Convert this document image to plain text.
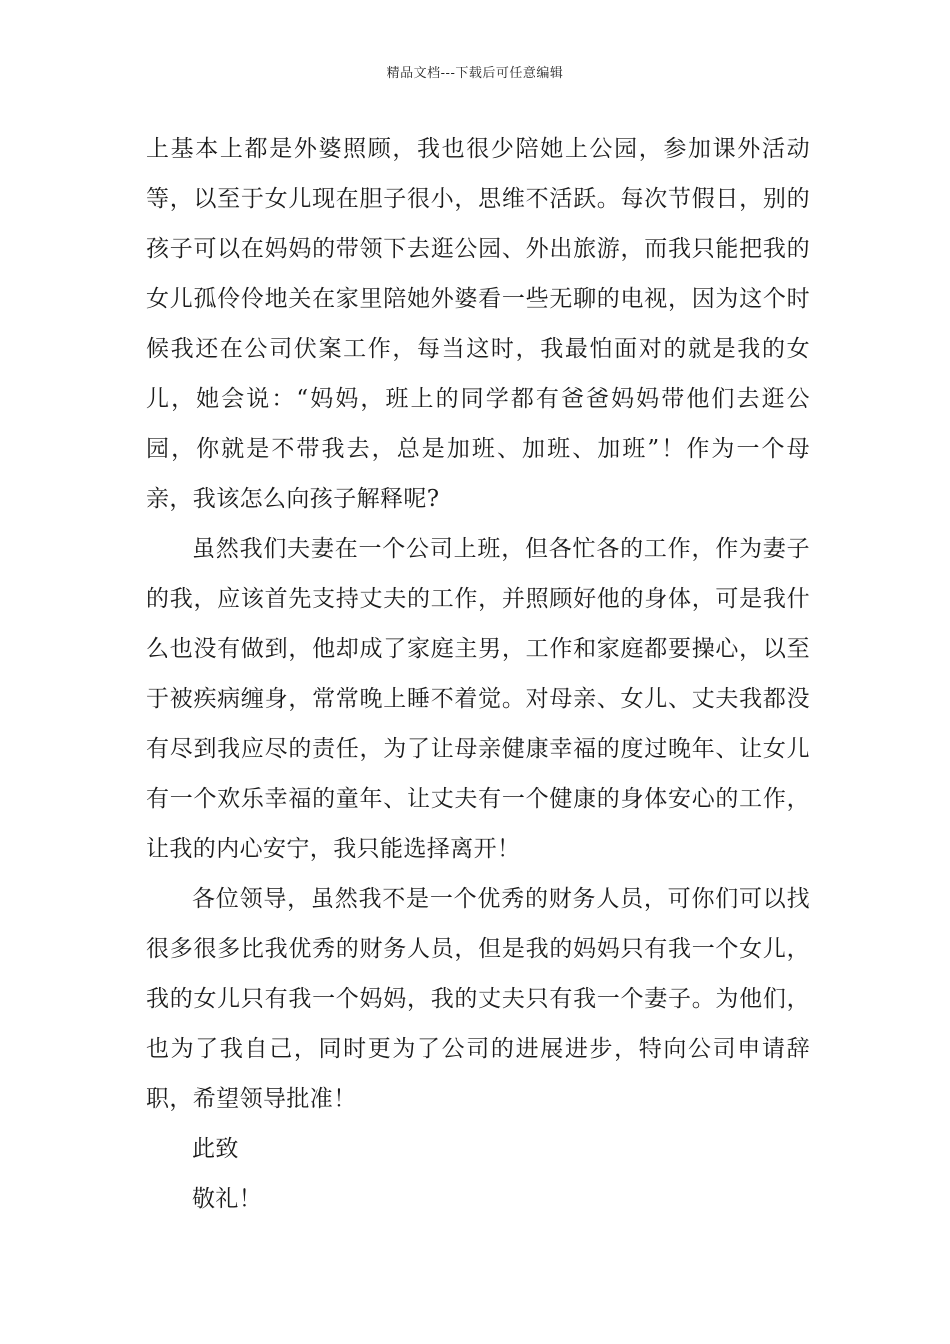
精品文档---下载后可任意编辑

上基本上都是外婆照顾，我也很少陪她上公园，参加课外活动等，以至于女儿现在胆子很小，思维不活跃。每次节假日，别的孩子可以在妈妈的带领下去逛公园、外出旅游，而我只能把我的女儿孤伶伶地关在家里陪她外婆看一些无聊的电视，因为这个时候我还在公司伏案工作，每当这时，我最怕面对的就是我的女儿，她会说：“妈妈，班上的同学都有爸爸妈妈带他们去逛公园，你就是不带我去，总是加班、加班、加班”！作为一个母亲，我该怎么向孩子解释呢?

虽然我们夫妻在一个公司上班，但各忙各的工作，作为妻子的我，应该首先支持丈夫的工作，并照顾好他的身体，可是我什么也没有做到，他却成了家庭主男，工作和家庭都要操心，以至于被疾病缠身，常常晚上睡不着觉。对母亲、女儿、丈夫我都没有尽到我应尽的责任，为了让母亲健康幸福的度过晚年、让女儿有一个欢乐幸福的童年、让丈夫有一个健康的身体安心的工作，让我的内心安宁，我只能选择离开！

各位领导，虽然我不是一个优秀的财务人员，可你们可以找很多很多比我优秀的财务人员，但是我的妈妈只有我一个女儿，我的女儿只有我一个妈妈，我的丈夫只有我一个妻子。为他们，也为了我自己，同时更为了公司的进展进步，特向公司申请辞职，希望领导批准！

此致

敬礼！
